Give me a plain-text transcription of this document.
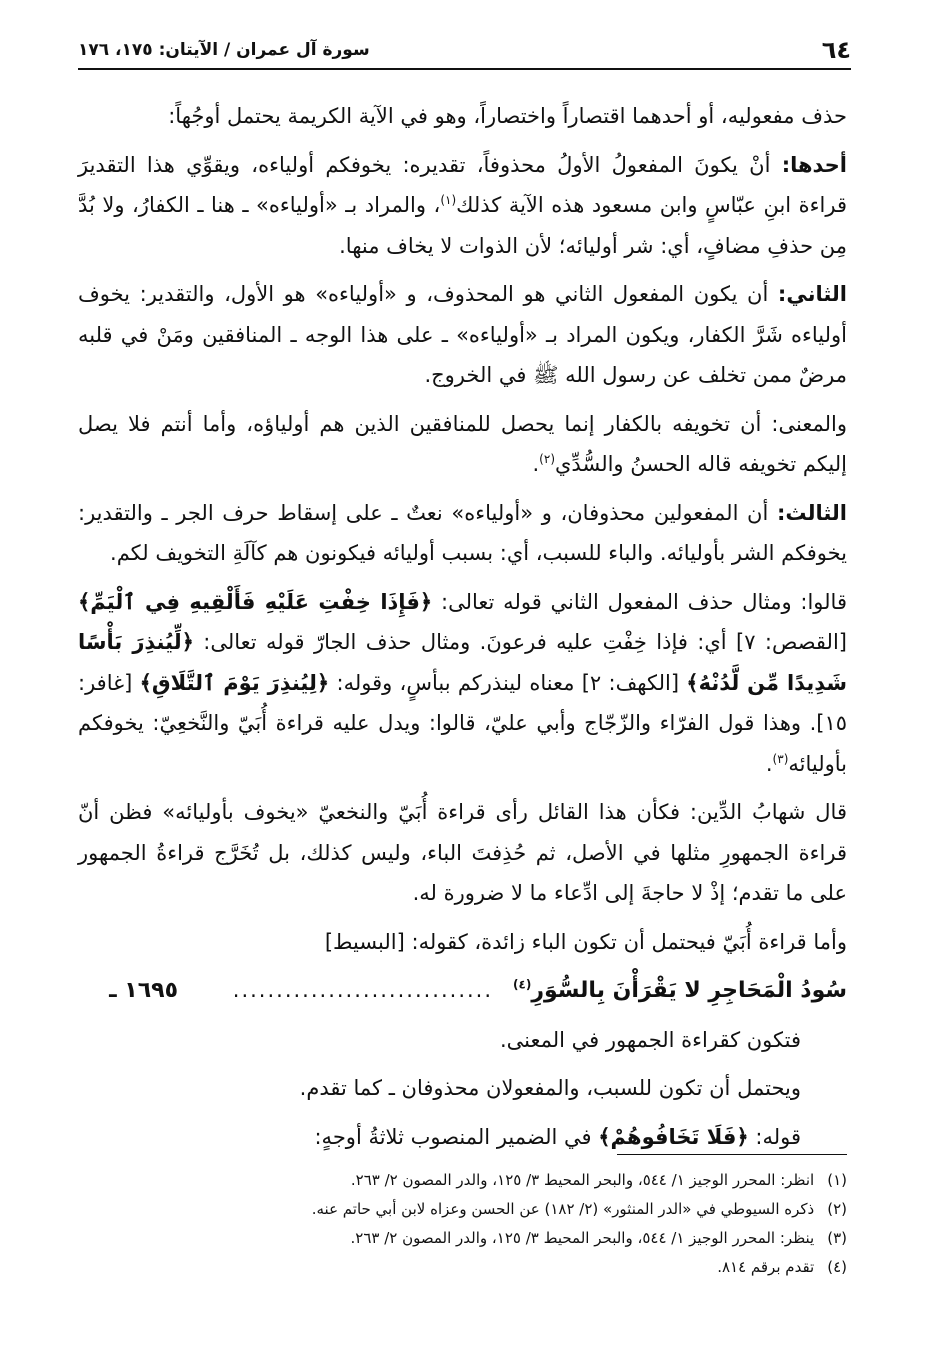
٦٤
سورة آل عمران / الآيتان: ١٧٥، ١٧٦

حذف مفعوليه، أو أحدهما اقتصاراً واختصاراً، وهو في الآية الكريمة يحتمل أوجُهاً:

أحدها: أنْ يكونَ المفعولُ الأولُ محذوفاً، تقديره: يخوفكم أولياءه، ويقوِّي هذا التقديرَ قراءة ابنِ عبّاسٍ وابن مسعود هذه الآية كذلك$^{(١)}$، والمراد بـ «أولياءه» ـ هنا ـ الكفارُ، ولا بُدَّ مِن حذفِ مضافٍ، أي: شر أوليائه؛ لأن الذوات لا يخاف منها.

الثاني: أن يكون المفعول الثاني هو المحذوف، و «أولياءه» هو الأول، والتقدير: يخوف أولياءه شَرَّ الكفار، ويكون المراد بـ «أولياءه» ـ على هذا الوجه ـ المنافقين ومَنْ في قلبه مرضٌ ممن تخلف عن رسول الله ﷺ في الخروج.

والمعنى: أن تخويفه بالكفار إنما يحصل للمنافقين الذين هم أولياؤه، وأما أنتم فلا يصل إليكم تخويفه قاله الحسنُ والسُّدِّي$^{(٢)}$.

الثالث: أن المفعولين محذوفان، و «أولياءه» نعتٌ ـ على إسقاط حرف الجر ـ والتقدير: يخوفكم الشر بأوليائه. والباء للسبب، أي: بسبب أوليائه فيكونون هم كآلَةِ التخويف لكم.

قالوا: ومثال حذف المفعول الثاني قوله تعالى: ﴿فَإِذَا خِفْتِ عَلَيْهِ فَأَلْقِيهِ فِي ٱلْيَمِّ﴾ [القصص: ٧] أي: فإذا خِفْتِ عليه فرعونَ. ومثال حذف الجارّ قوله تعالى: ﴿لِّيُنذِرَ بَأْسًا شَدِيدًا مِّن لَّدُنْهُ﴾ [الكهف: ٢] معناه لينذركم ببأسٍ، وقوله: ﴿لِيُنذِرَ يَوْمَ ٱلتَّلَاقِ﴾ [غافر: ١٥]. وهذا قول الفرّاء والزّجّاج وأبي عليّ، قالوا: ويدل عليه قراءة أُبَيّ والنَّخعِيّ: يخوفكم بأوليائه$^{(٣)}$.

قال شهابُ الدِّين: فكأن هذا القائل رأى قراءة أُبَيّ والنخعيّ «يخوف بأوليائه» فظن أنّ قراءة الجمهورِ مثلها في الأصل، ثم حُذِفتَ الباء، وليس كذلك، بل تُخَرَّج قراءةُ الجمهور على ما تقدم؛ إذْ لا حاجةَ إلى ادِّعاء ما لا ضرورة له.

وأما قراءة أُبَيّ فيحتمل أن تكون الباء زائدة، كقوله: [البسيط]

سُودُ الْمَحَاجِرِ لا يَقْرَأْنَ بِالسُّوَرِ$^{(٤)}$
..............................
١٦٩٥ ـ

فتكون كقراءة الجمهور في المعنى.

ويحتمل أن تكون للسبب، والمفعولان محذوفان ـ كما تقدم.

قوله: ﴿فَلَا تَخَافُوهُمْ﴾ في الضمير المنصوب ثلاثةُ أوجهٍ:

(١) انظر: المحرر الوجيز ١/ ٥٤٤، والبحر المحيط ٣/ ١٢٥، والدر المصون ٢/ ٢٦٣.
(٢) ذكره السيوطي في «الدر المنثور» (٢/ ١٨٢) عن الحسن وعزاه لابن أبي حاتم عنه.
(٣) ينظر: المحرر الوجيز ١/ ٥٤٤، والبحر المحيط ٣/ ١٢٥، والدر المصون ٢/ ٢٦٣.
(٤) تقدم برقم ٨١٤.
